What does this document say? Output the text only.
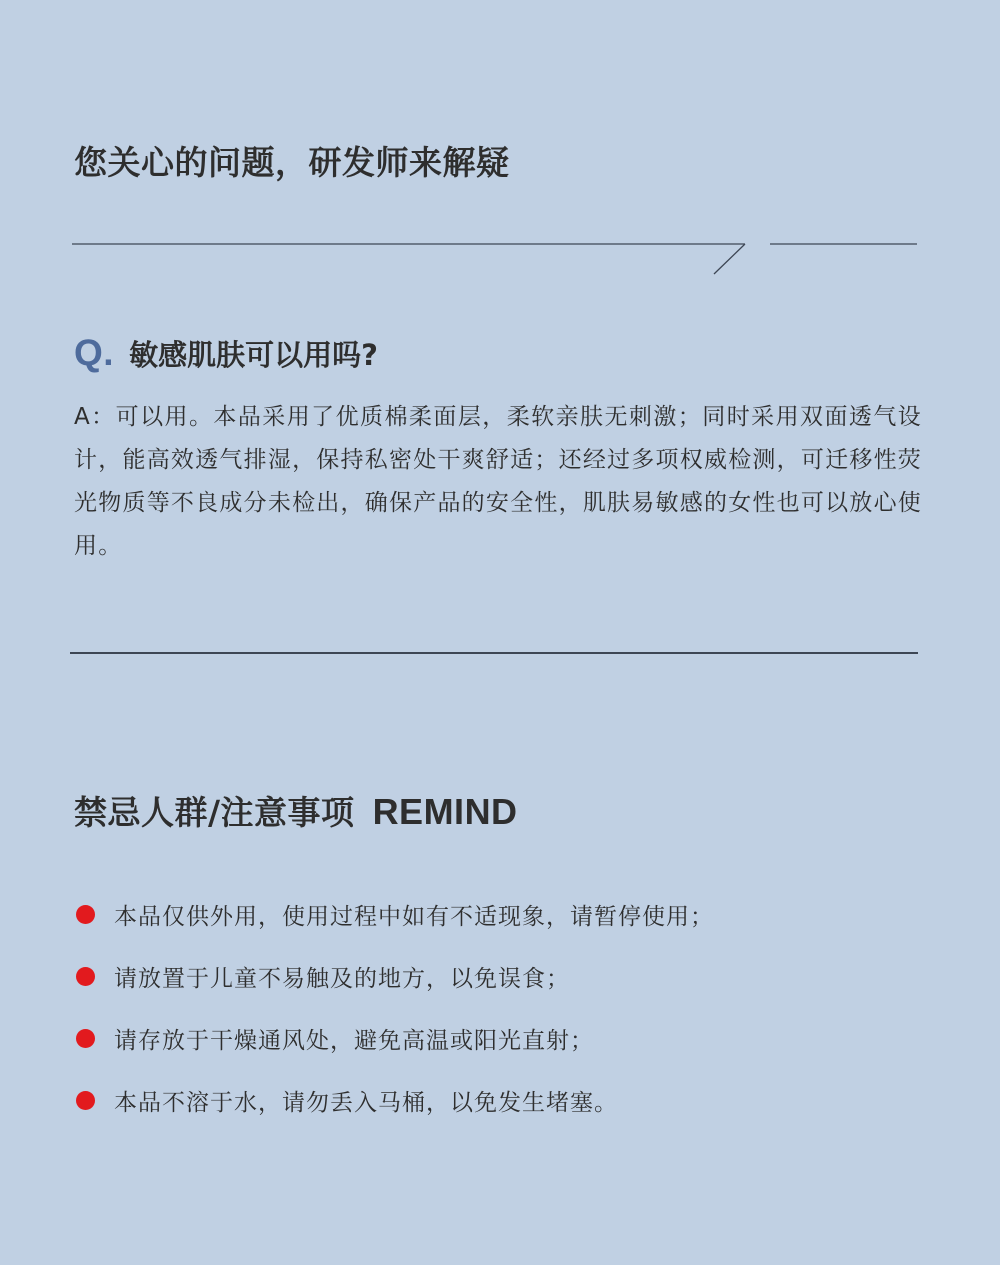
您关心的问题，研发师来解疑
Q. 敏感肌肤可以用吗?

A：可以用。本品采用了优质棉柔面层，柔软亲肤无刺激；同时采用双面透气设计，能高效透气排湿，保持私密处干爽舒适；还经过多项权威检测，可迁移性荧光物质等不良成分未检出，确保产品的安全性，肌肤易敏感的女性也可以放心使用。

禁忌人群/注意事项 REMIND
本品仅供外用，使用过程中如有不适现象，请暂停使用；
请放置于儿童不易触及的地方，以免误食；
请存放于干燥通风处，避免高温或阳光直射；
本品不溶于水，请勿丢入马桶，以免发生堵塞。
